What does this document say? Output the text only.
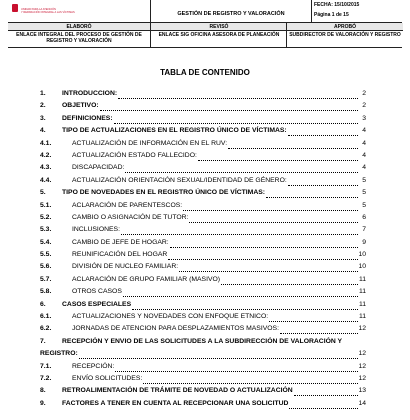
UNIDAD PARA LA ATENCIÓN
Y REPARACIÓN INTEGRAL A LAS VÍCTIMAS	GESTIÓN DE REGISTRO Y VALORACIÓN
FECHA: 15/10/2015
Página 1 de 15
ELABORÓ
ENLACE INTEGRAL DEL PROCESO DE GESTIÓN DE REGISTRO Y VALORACIÓN
REVISÓ
ENLACE SIG OFICINA ASESORA DE PLANEACIÓN
APROBÓ
SUBDIRECTOR DE VALORACIÓN Y REGISTRO
TABLA DE CONTENIDO
1. INTRODUCCION:	2
2. OBJETIVO:	2
3. DEFINICIONES:	3
4. TIPO DE ACTUALIZACIONES EN EL REGISTRO ÚNICO DE VÍCTIMAS:	4
4.1.	ACTUALIZACIÓN DE INFORMACIÓN EN EL RUV:	4
4.2.	ACTUALIZACIÓN ESTADO FALLECIDO:	4
4.3.	DISCAPACIDAD:	4
4.4.	ACTUALIZACIÓN ORIENTACIÓN SEXUAL/IDENTIDAD DE GÉNERO:	5
5. TIPO DE NOVEDADES EN EL REGISTRO ÚNICO DE VÍCTIMAS:	5
5.1.	ACLARACIÓN DE PARENTESCOS:	5
5.2.	CAMBIO O ASIGNACIÓN DE TUTOR:	6
5.3.	INCLUSIONES:	7
5.4.	CAMBIO DE JEFE DE HOGAR:	9
5.5.	REUNIFICACIÓN DEL HOGAR	10
5.6.	DIVISIÓN DE NUCLEO FAMILIAR:	10
5.7.	ACLARACIÓN DE GRUPO FAMILIAR (MASIVO)	11
5.8.	OTROS CASOS	11
6. CASOS ESPECIALES	11
6.1.	ACTUALIZACIONES Y NOVEDADES CON ENFOQUE ETNICO:	11
6.2.	JORNADAS DE ATENCION PARA DESPLAZAMIENTOS MASIVOS:	12
7. RECEPCIÓN Y ENVIO DE LAS SOLICITUDES A LA SUBDIRECCIÓN DE VALORACIÓN Y
REGISTRO:	12
7.1.	RECEPCIÓN:	12
7.2.	ENVÍO SOLICITUDES:	12
8. RETROALIMENTACIÓN DE TRÁMITE DE NOVEDAD O ACTUALIZACIÓN	13
9. FACTORES A TENER EN CUENTA AL RECEPCIONAR UNA SOLICITUD	14
